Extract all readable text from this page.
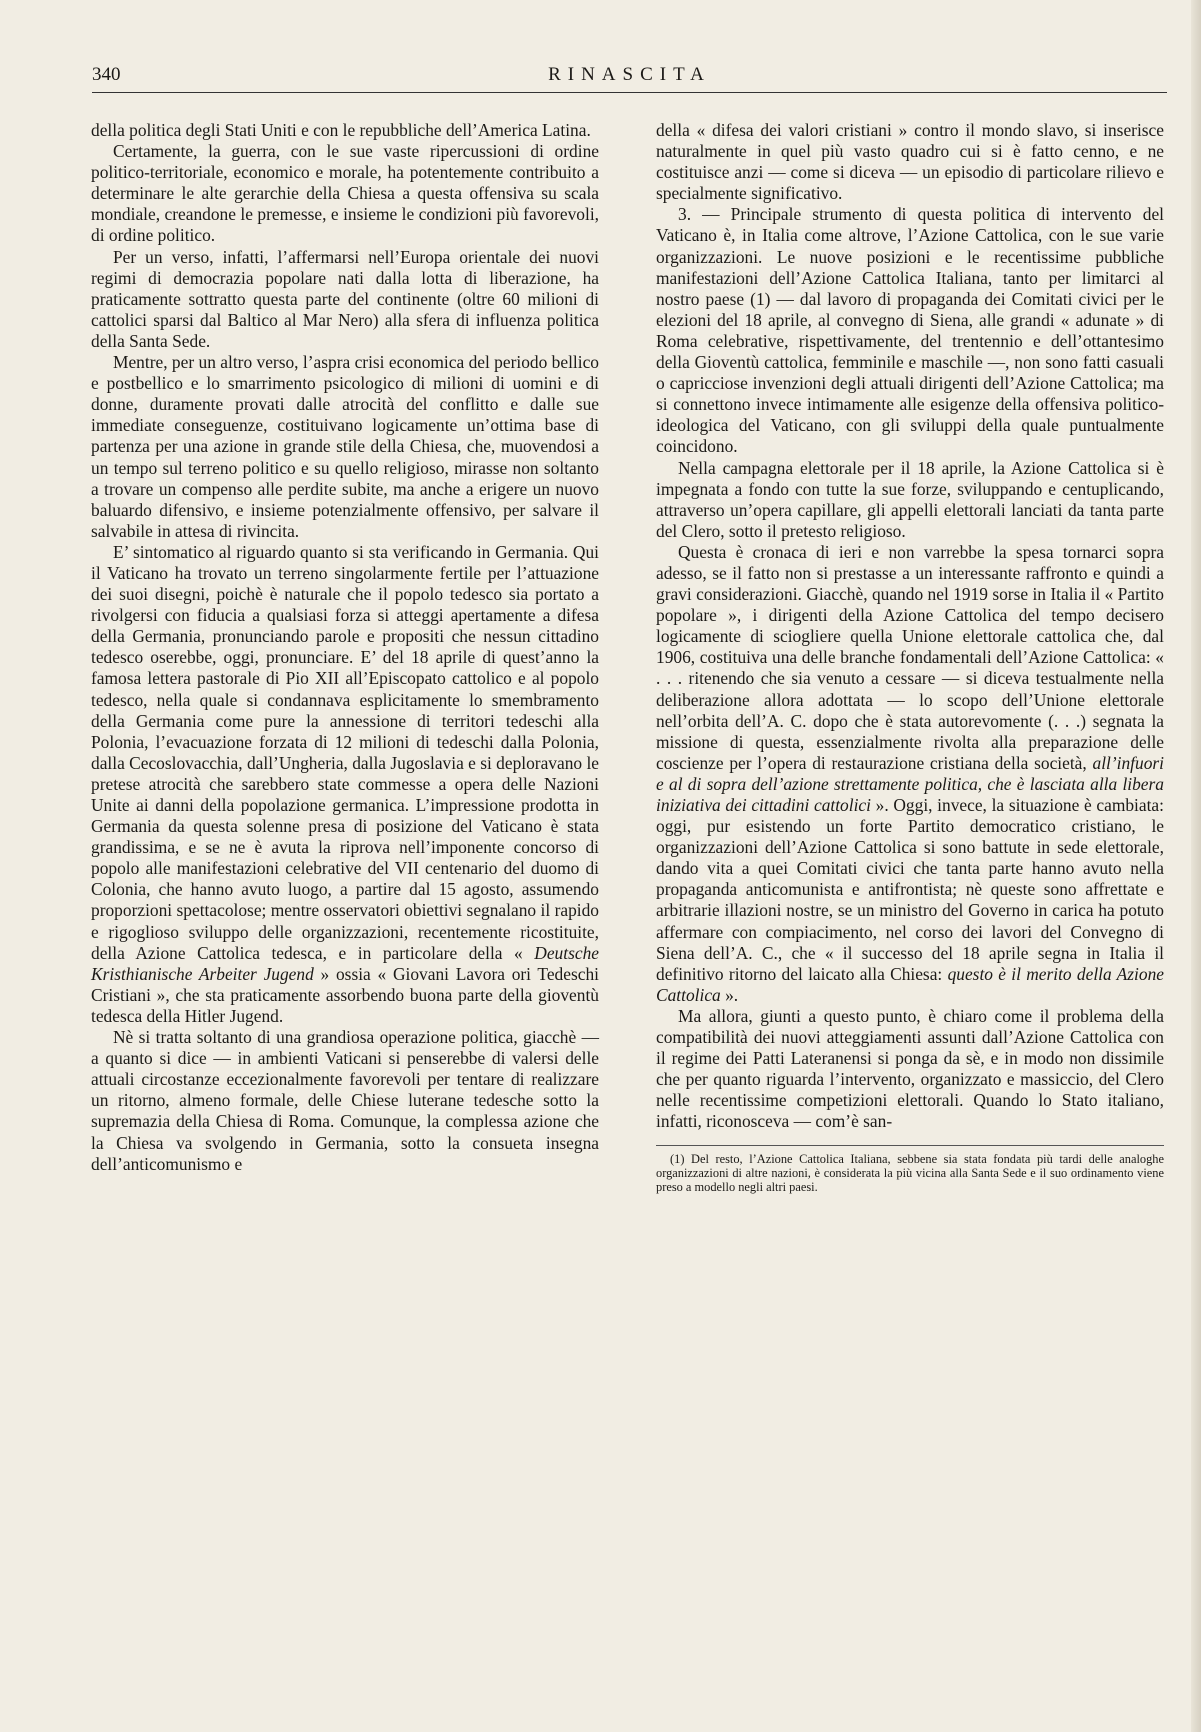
340	RINASCITA

della politica degli Stati Uniti e con le repubbliche dell’America Latina.

Certamente, la guerra, con le sue vaste ripercussioni di ordine politico-territoriale, economico e morale, ha potentemente contribuito a determinare le alte gerarchie della Chiesa a questa offensiva su scala mondiale, creandone le premesse, e insieme le condizioni più favorevoli, di ordine politico.

Per un verso, infatti, l’affermarsi nell’Europa orientale dei nuovi regimi di democrazia popolare nati dalla lotta di liberazione, ha praticamente sottratto questa parte del continente (oltre 60 milioni di cattolici sparsi dal Baltico al Mar Nero) alla sfera di influenza politica della Santa Sede.

Mentre, per un altro verso, l’aspra crisi economica del periodo bellico e postbellico e lo smarrimento psicologico di milioni di uomini e di donne, duramente provati dalle atrocità del conflitto e dalle sue immediate conseguenze, costituivano logicamente un’ottima base di partenza per una azione in grande stile della Chiesa, che, muovendosi a un tempo sul terreno politico e su quello religioso, mirasse non soltanto a trovare un compenso alle perdite subite, ma anche a erigere un nuovo baluardo difensivo, e insieme potenzialmente offensivo, per salvare il salvabile in attesa di rivincita.

E’ sintomatico al riguardo quanto si sta verificando in Germania. Qui il Vaticano ha trovato un terreno singolarmente fertile per l’attuazione dei suoi disegni, poichè è naturale che il popolo tedesco sia portato a rivolgersi con fiducia a qualsiasi forza si atteggi apertamente a difesa della Germania, pronunciando parole e propositi che nessun cittadino tedesco oserebbe, oggi, pronunciare. E’ del 18 aprile di quest’anno la famosa lettera pastorale di Pio XII all’Episcopato cattolico e al popolo tedesco, nella quale si condannava esplicitamente lo smembramento della Germania come pure la annessione di territori tedeschi alla Polonia, l’evacuazione forzata di 12 milioni di tedeschi dalla Polonia, dalla Cecoslovacchia, dall’Ungheria, dalla Jugoslavia e si deploravano le pretese atrocità che sarebbero state commesse a opera delle Nazioni Unite ai danni della popolazione germanica. L’impressione prodotta in Germania da questa solenne presa di posizione del Vaticano è stata grandissima, e se ne è avuta la riprova nell’imponente concorso di popolo alle manifestazioni celebrative del VII centenario del duomo di Colonia, che hanno avuto luogo, a partire dal 15 agosto, assumendo proporzioni spettacolose; mentre osservatori obiettivi segnalano il rapido e rigoglioso sviluppo delle organizzazioni, recentemente ricostituite, della Azione Cattolica tedesca, e in particolare della « Deutsche Kristhianische Arbeiter Jugend » ossia « Giovani Lavora ori Tedeschi Cristiani », che sta praticamente assorbendo buona parte della gioventù tedesca della Hitler Jugend.

Nè si tratta soltanto di una grandiosa operazione politica, giacchè — a quanto si dice — in ambienti Vaticani si penserebbe di valersi delle attuali circostanze eccezionalmente favorevoli per tentare di realizzare un ritorno, almeno formale, delle Chiese luterane tedesche sotto la supremazia della Chiesa di Roma. Comunque, la complessa azione che la Chiesa va svolgendo in Germania, sotto la consueta insegna dell’anticomunismo e

della « difesa dei valori cristiani » contro il mondo slavo, si inserisce naturalmente in quel più vasto quadro cui si è fatto cenno, e ne costituisce anzi — come si diceva — un episodio di particolare rilievo e specialmente significativo.

3. — Principale strumento di questa politica di intervento del Vaticano è, in Italia come altrove, l’Azione Cattolica, con le sue varie organizzazioni. Le nuove posizioni e le recentissime pubbliche manifestazioni dell’Azione Cattolica Italiana, tanto per limitarci al nostro paese (1) — dal lavoro di propaganda dei Comitati civici per le elezioni del 18 aprile, al convegno di Siena, alle grandi « adunate » di Roma celebrative, rispettivamente, del trentennio e dell’ottantesimo della Gioventù cattolica, femminile e maschile —, non sono fatti casuali o capricciose invenzioni degli attuali dirigenti dell’Azione Cattolica; ma si connettono invece intimamente alle esigenze della offensiva politico-ideologica del Vaticano, con gli sviluppi della quale puntualmente coincidono.

Nella campagna elettorale per il 18 aprile, la Azione Cattolica si è impegnata a fondo con tutte la sue forze, sviluppando e centuplicando, attraverso un’opera capillare, gli appelli elettorali lanciati da tanta parte del Clero, sotto il pretesto religioso.

Questa è cronaca di ieri e non varrebbe la spesa tornarci sopra adesso, se il fatto non si prestasse a un interessante raffronto e quindi a gravi considerazioni. Giacchè, quando nel 1919 sorse in Italia il « Partito popolare », i dirigenti della Azione Cattolica del tempo decisero logicamente di scioglierе quella Unione elettorale cattolica che, dal 1906, costituiva una delle branche fondamentali dell’Azione Cattolica: « . . . ritenendo che sia venuto a cessare — si diceva testualmente nella deliberazione allora adottata — lo scopo dell’Unione elettorale nell’orbita dell’A. C. dopo che è stata autorevomente (. . .) segnata la missione di questa, essenzialmente rivolta alla preparazione delle coscienze per l’opera di restaurazione cristiana della società, all’infuori e al di sopra dell’azione strettamente politica, che è lasciata alla libera iniziativa dei cittadini cattolici ». Oggi, invece, la situazione è cambiata: oggi, pur esistendo un forte Partito democratico cristiano, le organizzazioni dell’Azione Cattolica si sono battute in sede elettorale, dando vita a quei Comitati civici che tanta parte hanno avuto nella propaganda anticomunista e antifrontista; nè queste sono affrettate e arbitrarie illazioni nostre, se un ministro del Governo in carica ha potuto affermare con compiacimento, nel corso dei lavori del Convegno di Siena dell’A. C., che « il successo del 18 aprile segna in Italia il definitivo ritorno del laicato alla Chiesa: questo è il merito della Azione Cattolica ».

Ma allora, giunti a questo punto, è chiaro come il problema della compatibilità dei nuovi atteggiamenti assunti dall’Azione Cattolica con il regime dei Patti Lateranensi si ponga da sè, e in modo non dissimile che per quanto riguarda l’intervento, organizzato e massiccio, del Clero nelle recentissime competizioni elettorali. Quando lo Stato italiano, infatti, riconosceva — com’è san-

(1) Del resto, l’Azione Cattolica Italiana, sebbene sia stata fondata più tardi delle analoghe organizzazioni di altre nazioni, è considerata la più vicina alla Santa Sede e il suo ordinamento viene preso a modello negli altri paesi.
